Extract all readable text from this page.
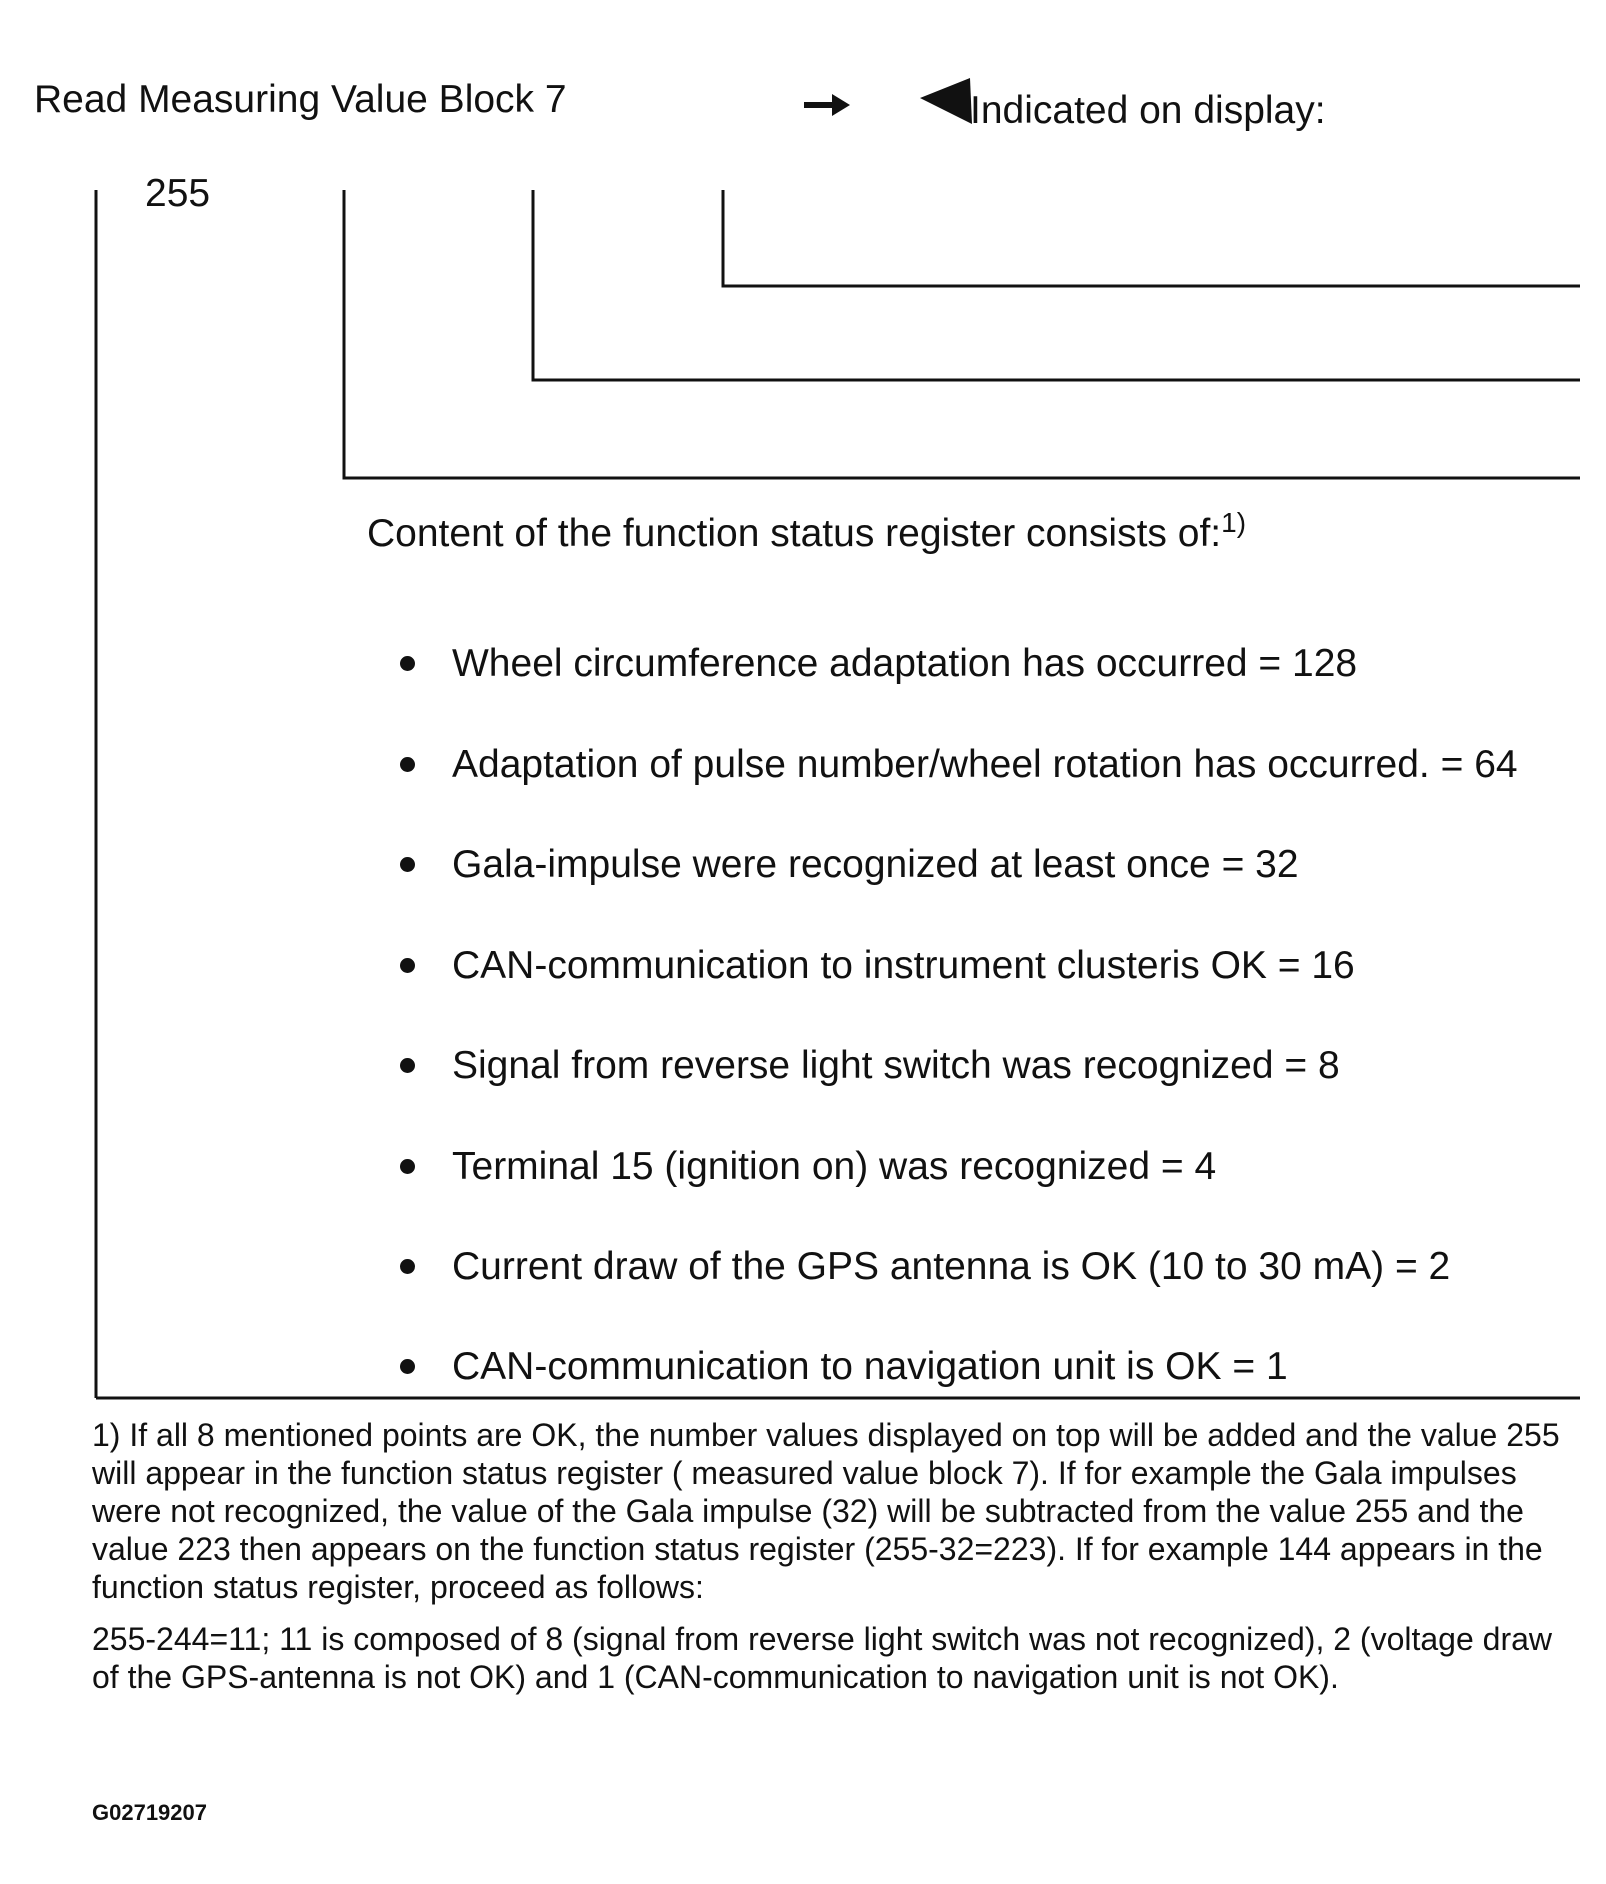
Read Measuring Value Block 7	Indicated on display:
255
Content of the function status register consists of:$^{1)}$
Wheel circumference adaptation has occurred = 128
Adaptation of pulse number/wheel rotation has occurred. = 64
Gala-impulse were recognized at least once = 32
CAN-communication to instrument clusteris OK = 16
Signal from reverse light switch was recognized = 8
Terminal 15 (ignition on) was recognized = 4
Current draw of the GPS antenna is OK (10 to 30 mA) = 2
CAN-communication to navigation unit is OK = 1

1) If all 8 mentioned points are OK, the number values displayed on top will be added and the value 255 will appear in the function status register ( measured value block 7). If for example the Gala impulses were not recognized, the value of the Gala impulse (32) will be subtracted from the value 255 and the value 223 then appears on the function status register (255-32=223). If for example 144 appears in the function status register, proceed as follows:

255-244=11; 11 is composed of 8 (signal from reverse light switch was not recognized), 2 (voltage draw of the GPS-antenna is not OK) and 1 (CAN-communication to navigation unit is not OK).

G02719207
